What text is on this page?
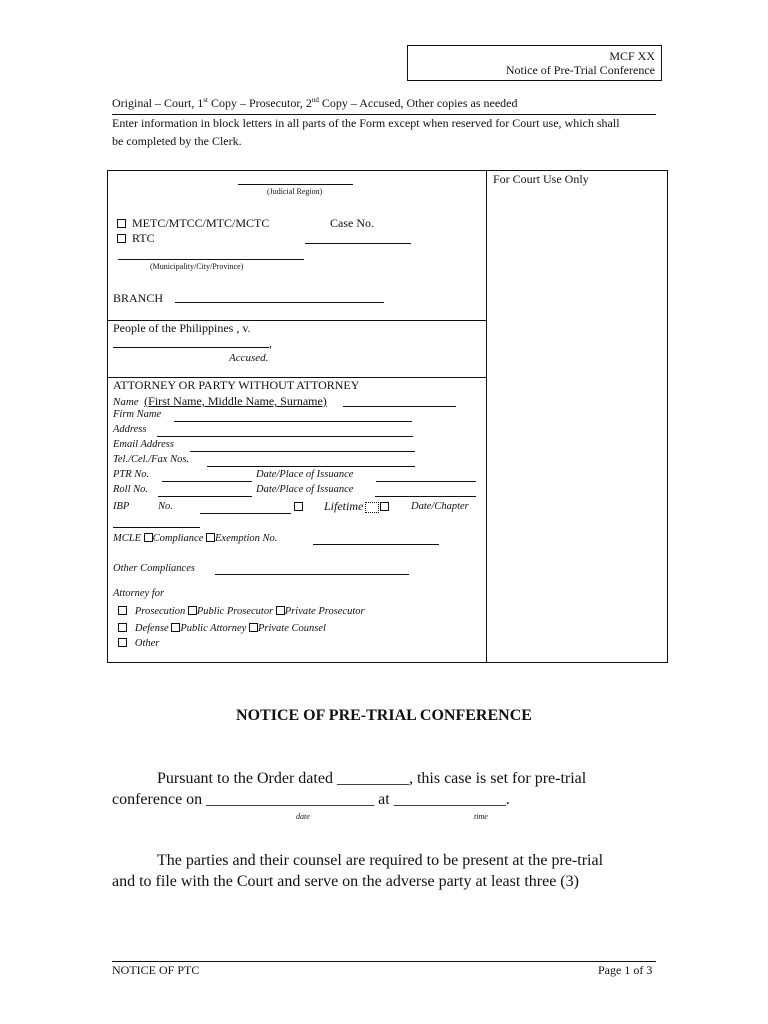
MCF XX
Notice of Pre-Trial Conference
Original – Court, 1st Copy – Prosecutor, 2nd Copy – Accused, Other copies as needed
Enter information in block letters in all parts of the Form except when reserved for Court use, which shall
be completed by the Clerk.
For Court Use Only
(Judicial Region)
METC/MTCC/MTC/MCTC	Case No.
RTC
(Municipality/City/Province)
BRANCH
People of the Philippines , v.
,
Accused.
ATTORNEY OR PARTY WITHOUT ATTORNEY
Name (First Name, Middle Name, Surname)
Firm Name
Address
Email Address
Tel./Cel./Fax Nos.
PTR No.	Date/Place of Issuance
Roll No.	Date/Place of Issuance
IBP	No.	Lifetime	Date/Chapter
MCLE Compliance Exemption No.
Other Compliances
Attorney for
Prosecution Public Prosecutor Private Prosecutor
Defense Public Attorney Private Counsel
Other
NOTICE OF PRE-TRIAL CONFERENCE
Pursuant to the Order dated _________, this case is set for pre-trial
conference on _____________________ at ______________.
date	time
The parties and their counsel are required to be present at the pre-trial
and to file with the Court and serve on the adverse party at least three (3)
NOTICE OF PTC	Page 1 of 3
